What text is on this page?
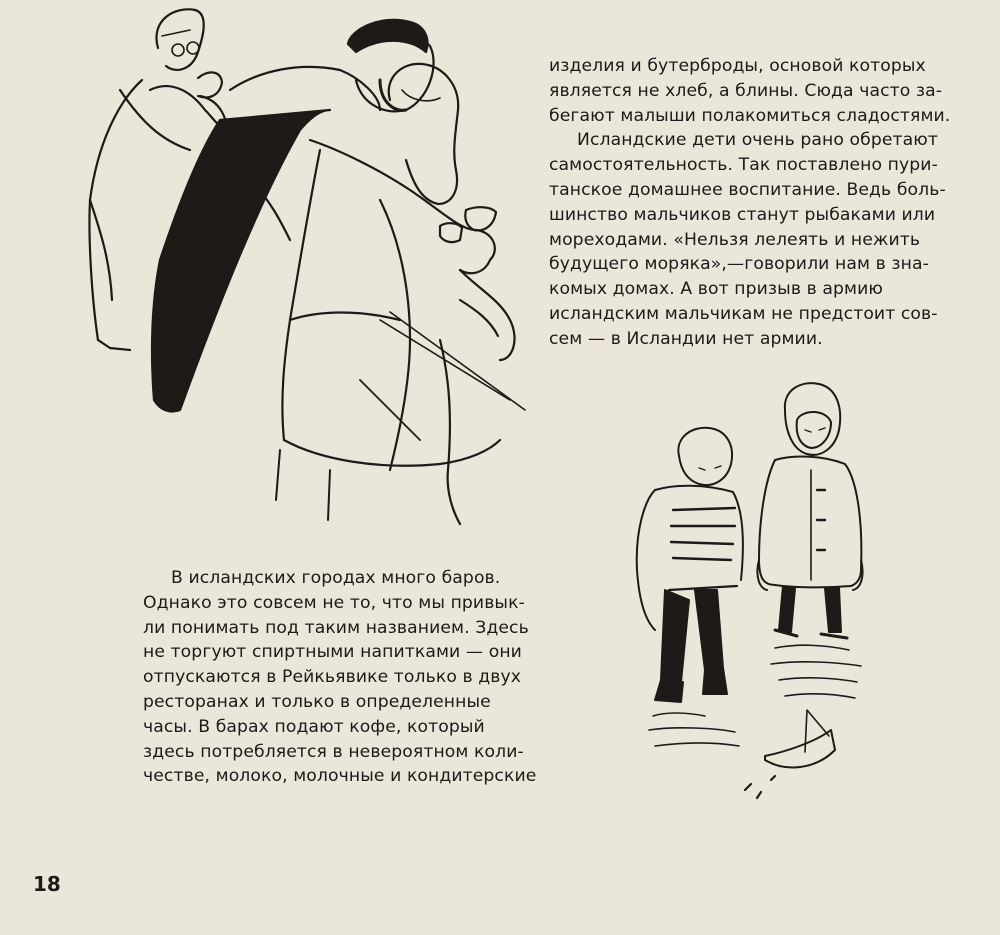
изделия и бутерброды, основой которых
является не хлеб, а блины. Сюда часто за-
бегают малыши полакомиться сладостями.

Исландские дети очень рано обретают
самостоятельность. Так поставлено пури-
танское домашнее воспитание. Ведь боль-
шинство мальчиков станут рыбаками или
мореходами. «Нельзя лелеять и нежить
будущего моряка»,—говорили нам в зна-
комых домах. А вот призыв в армию
исландским мальчикам не предстоит сов-
сем — в Исландии нет армии.

В исландских городах много баров.
Однако это совсем не то, что мы привык-
ли понимать под таким названием. Здесь
не торгуют спиртными напитками — они
отпускаются в Рейкьявике только в двух
ресторанах и только в определенные
часы. В барах подают кофе, который
здесь потребляется в невероятном коли-
честве, молоко, молочные и кондитерские

18
